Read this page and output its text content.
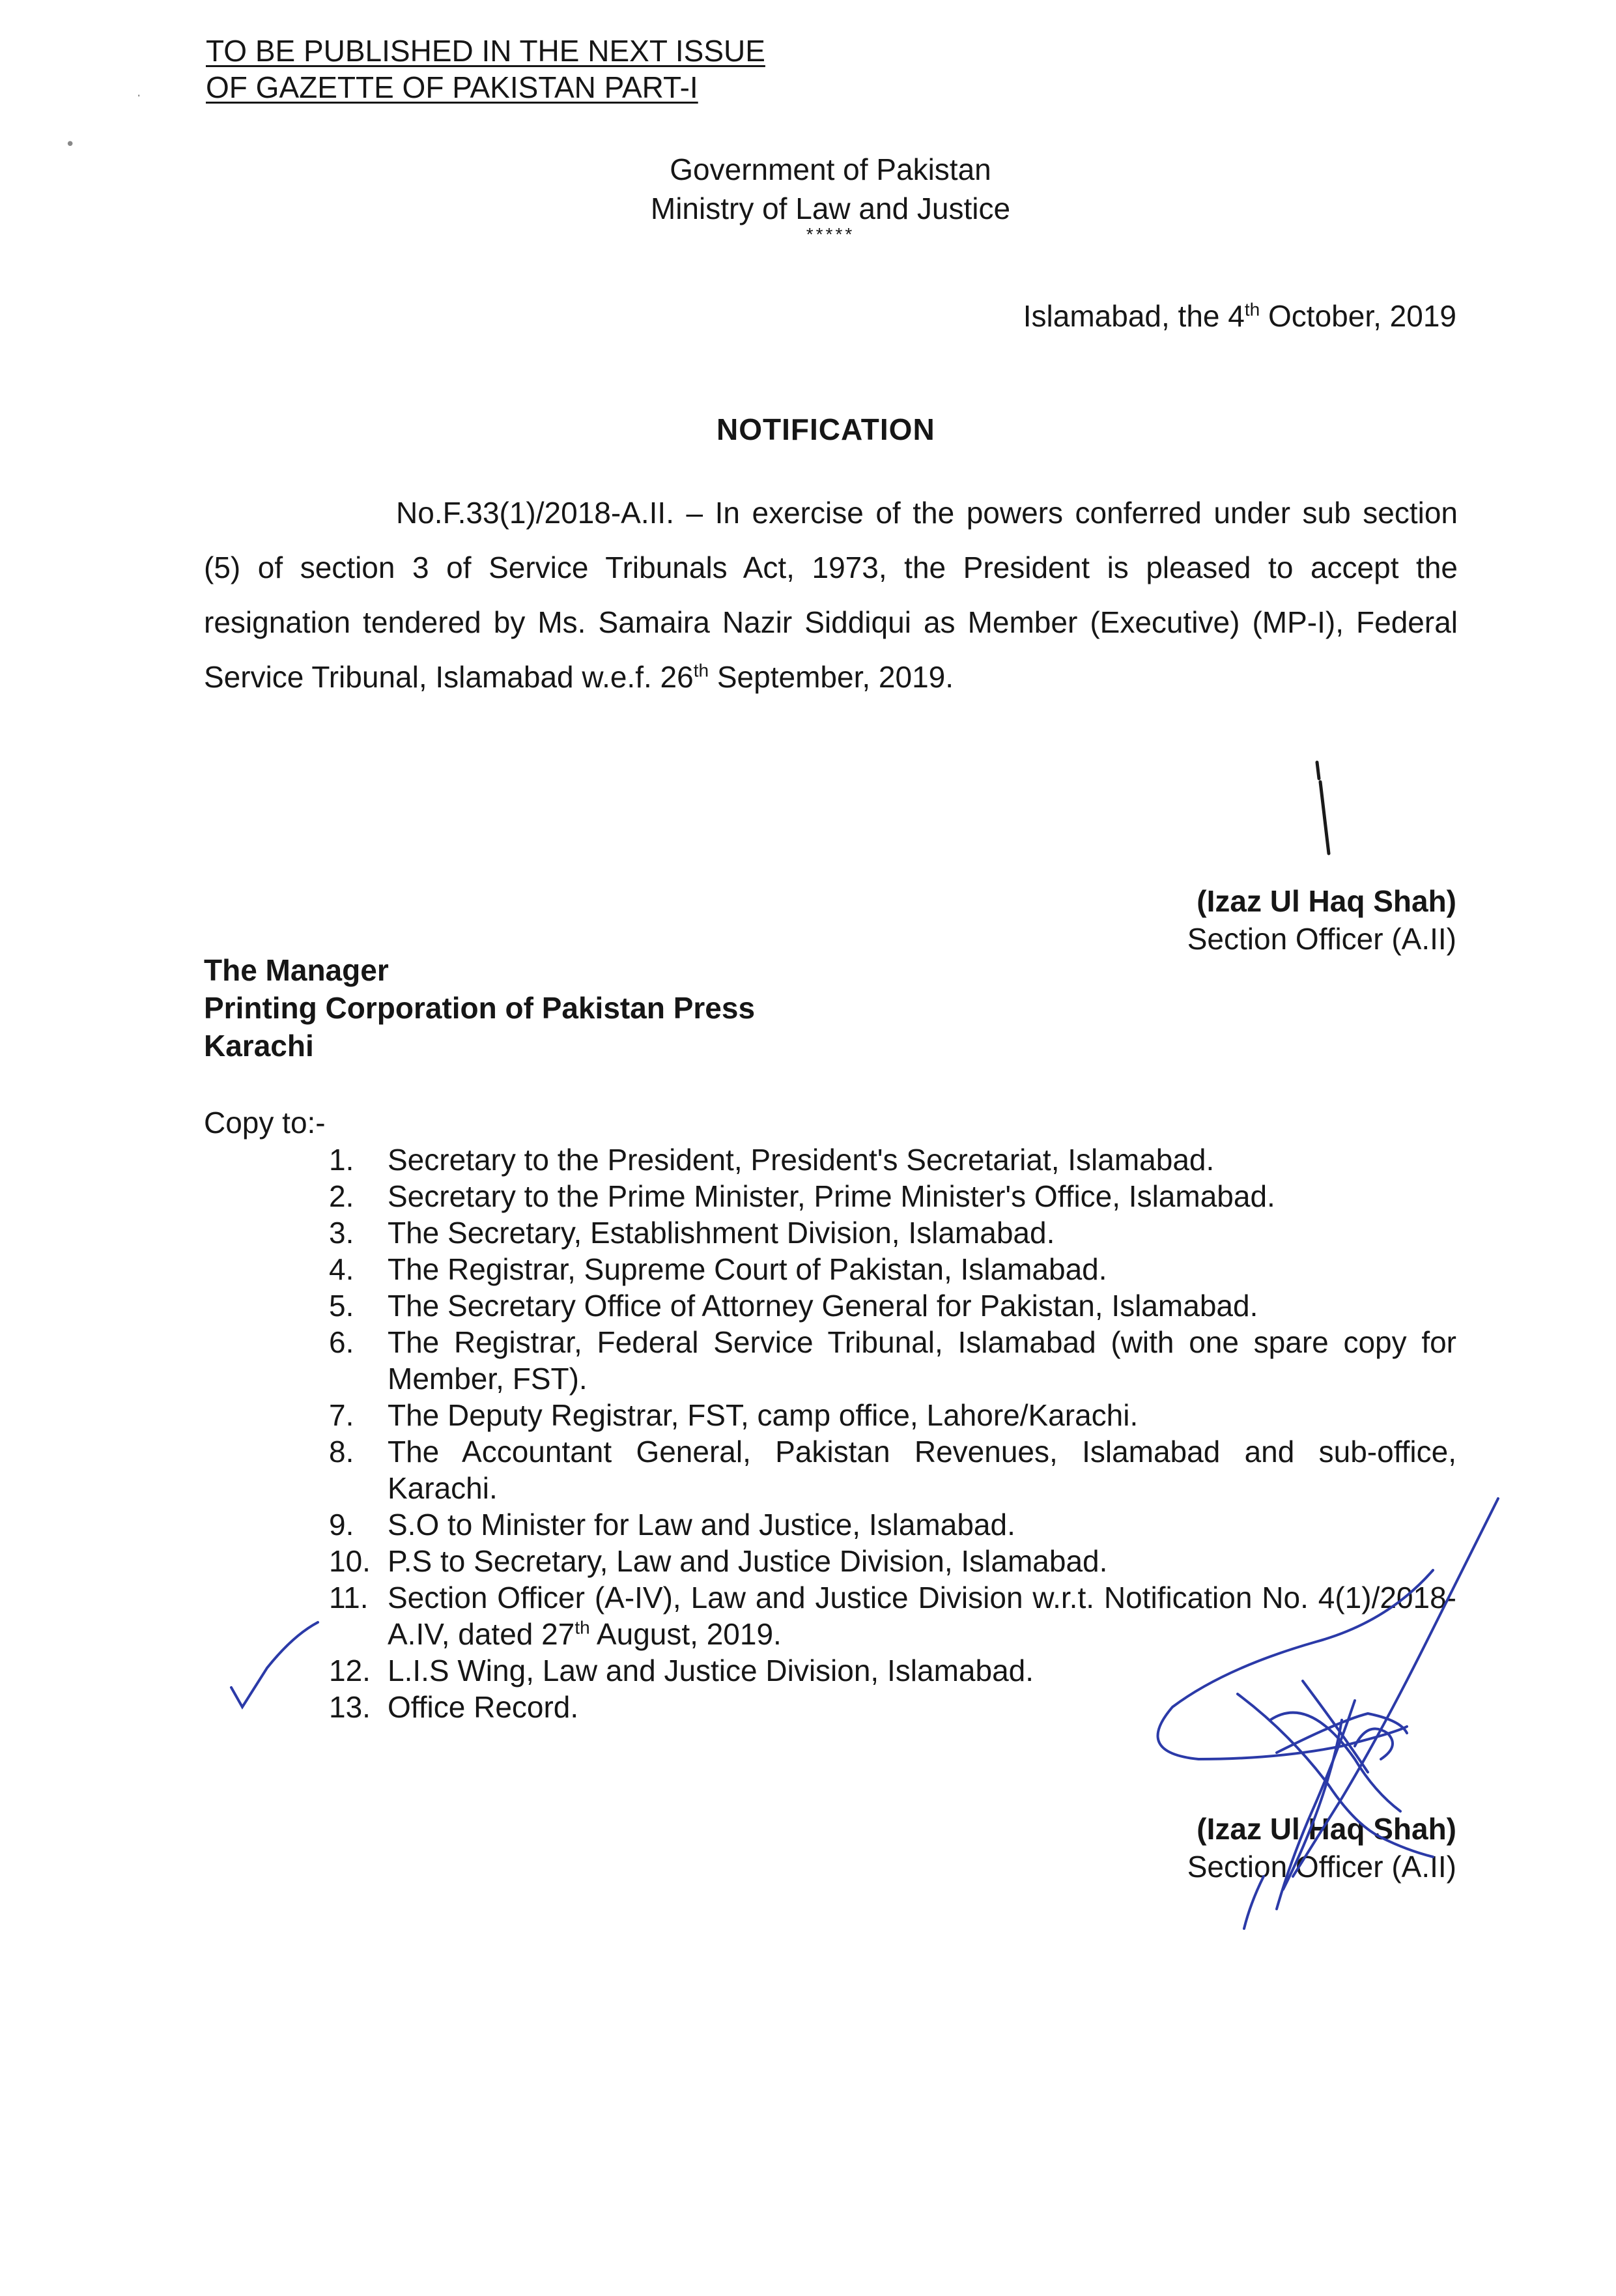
TO BE PUBLISHED IN THE NEXT ISSUE
OF GAZETTE OF PAKISTAN PART-I
Government of Pakistan
Ministry of Law and Justice
*****
Islamabad, the 4th October, 2019
NOTIFICATION

No.F.33(1)/2018-A.II. – In exercise of the powers conferred under sub section (5) of section 3 of Service Tribunals Act, 1973, the President is pleased to accept the resignation tendered by Ms. Samaira Nazir Siddiqui as Member (Executive) (MP-I), Federal Service Tribunal, Islamabad w.e.f. 26th September, 2019.

(Izaz Ul Haq Shah)
Section Officer (A.II)
The Manager
Printing Corporation of Pakistan Press
Karachi
Copy to:-
1.	Secretary to the President, President's Secretariat, Islamabad.
2.	Secretary to the Prime Minister, Prime Minister's Office, Islamabad.
3.	The Secretary, Establishment Division, Islamabad.
4.	The Registrar, Supreme Court of Pakistan, Islamabad.
5.	The Secretary Office of Attorney General for Pakistan, Islamabad.
6.	The Registrar, Federal Service Tribunal, Islamabad (with one spare copy for Member, FST).
7.	The Deputy Registrar, FST, camp office, Lahore/Karachi.
8.	The Accountant General, Pakistan Revenues, Islamabad and sub-office, Karachi.
9.	S.O to Minister for Law and Justice, Islamabad.
10. P.S to Secretary, Law and Justice Division, Islamabad.
11. Section Officer (A-IV), Law and Justice Division w.r.t. Notification No. 4(1)/2018-A.IV, dated 27th August, 2019.
12. L.I.S Wing, Law and Justice Division, Islamabad.
13. Office Record.
(Izaz Ul Haq Shah)
Section Officer (A.II)
.
•
